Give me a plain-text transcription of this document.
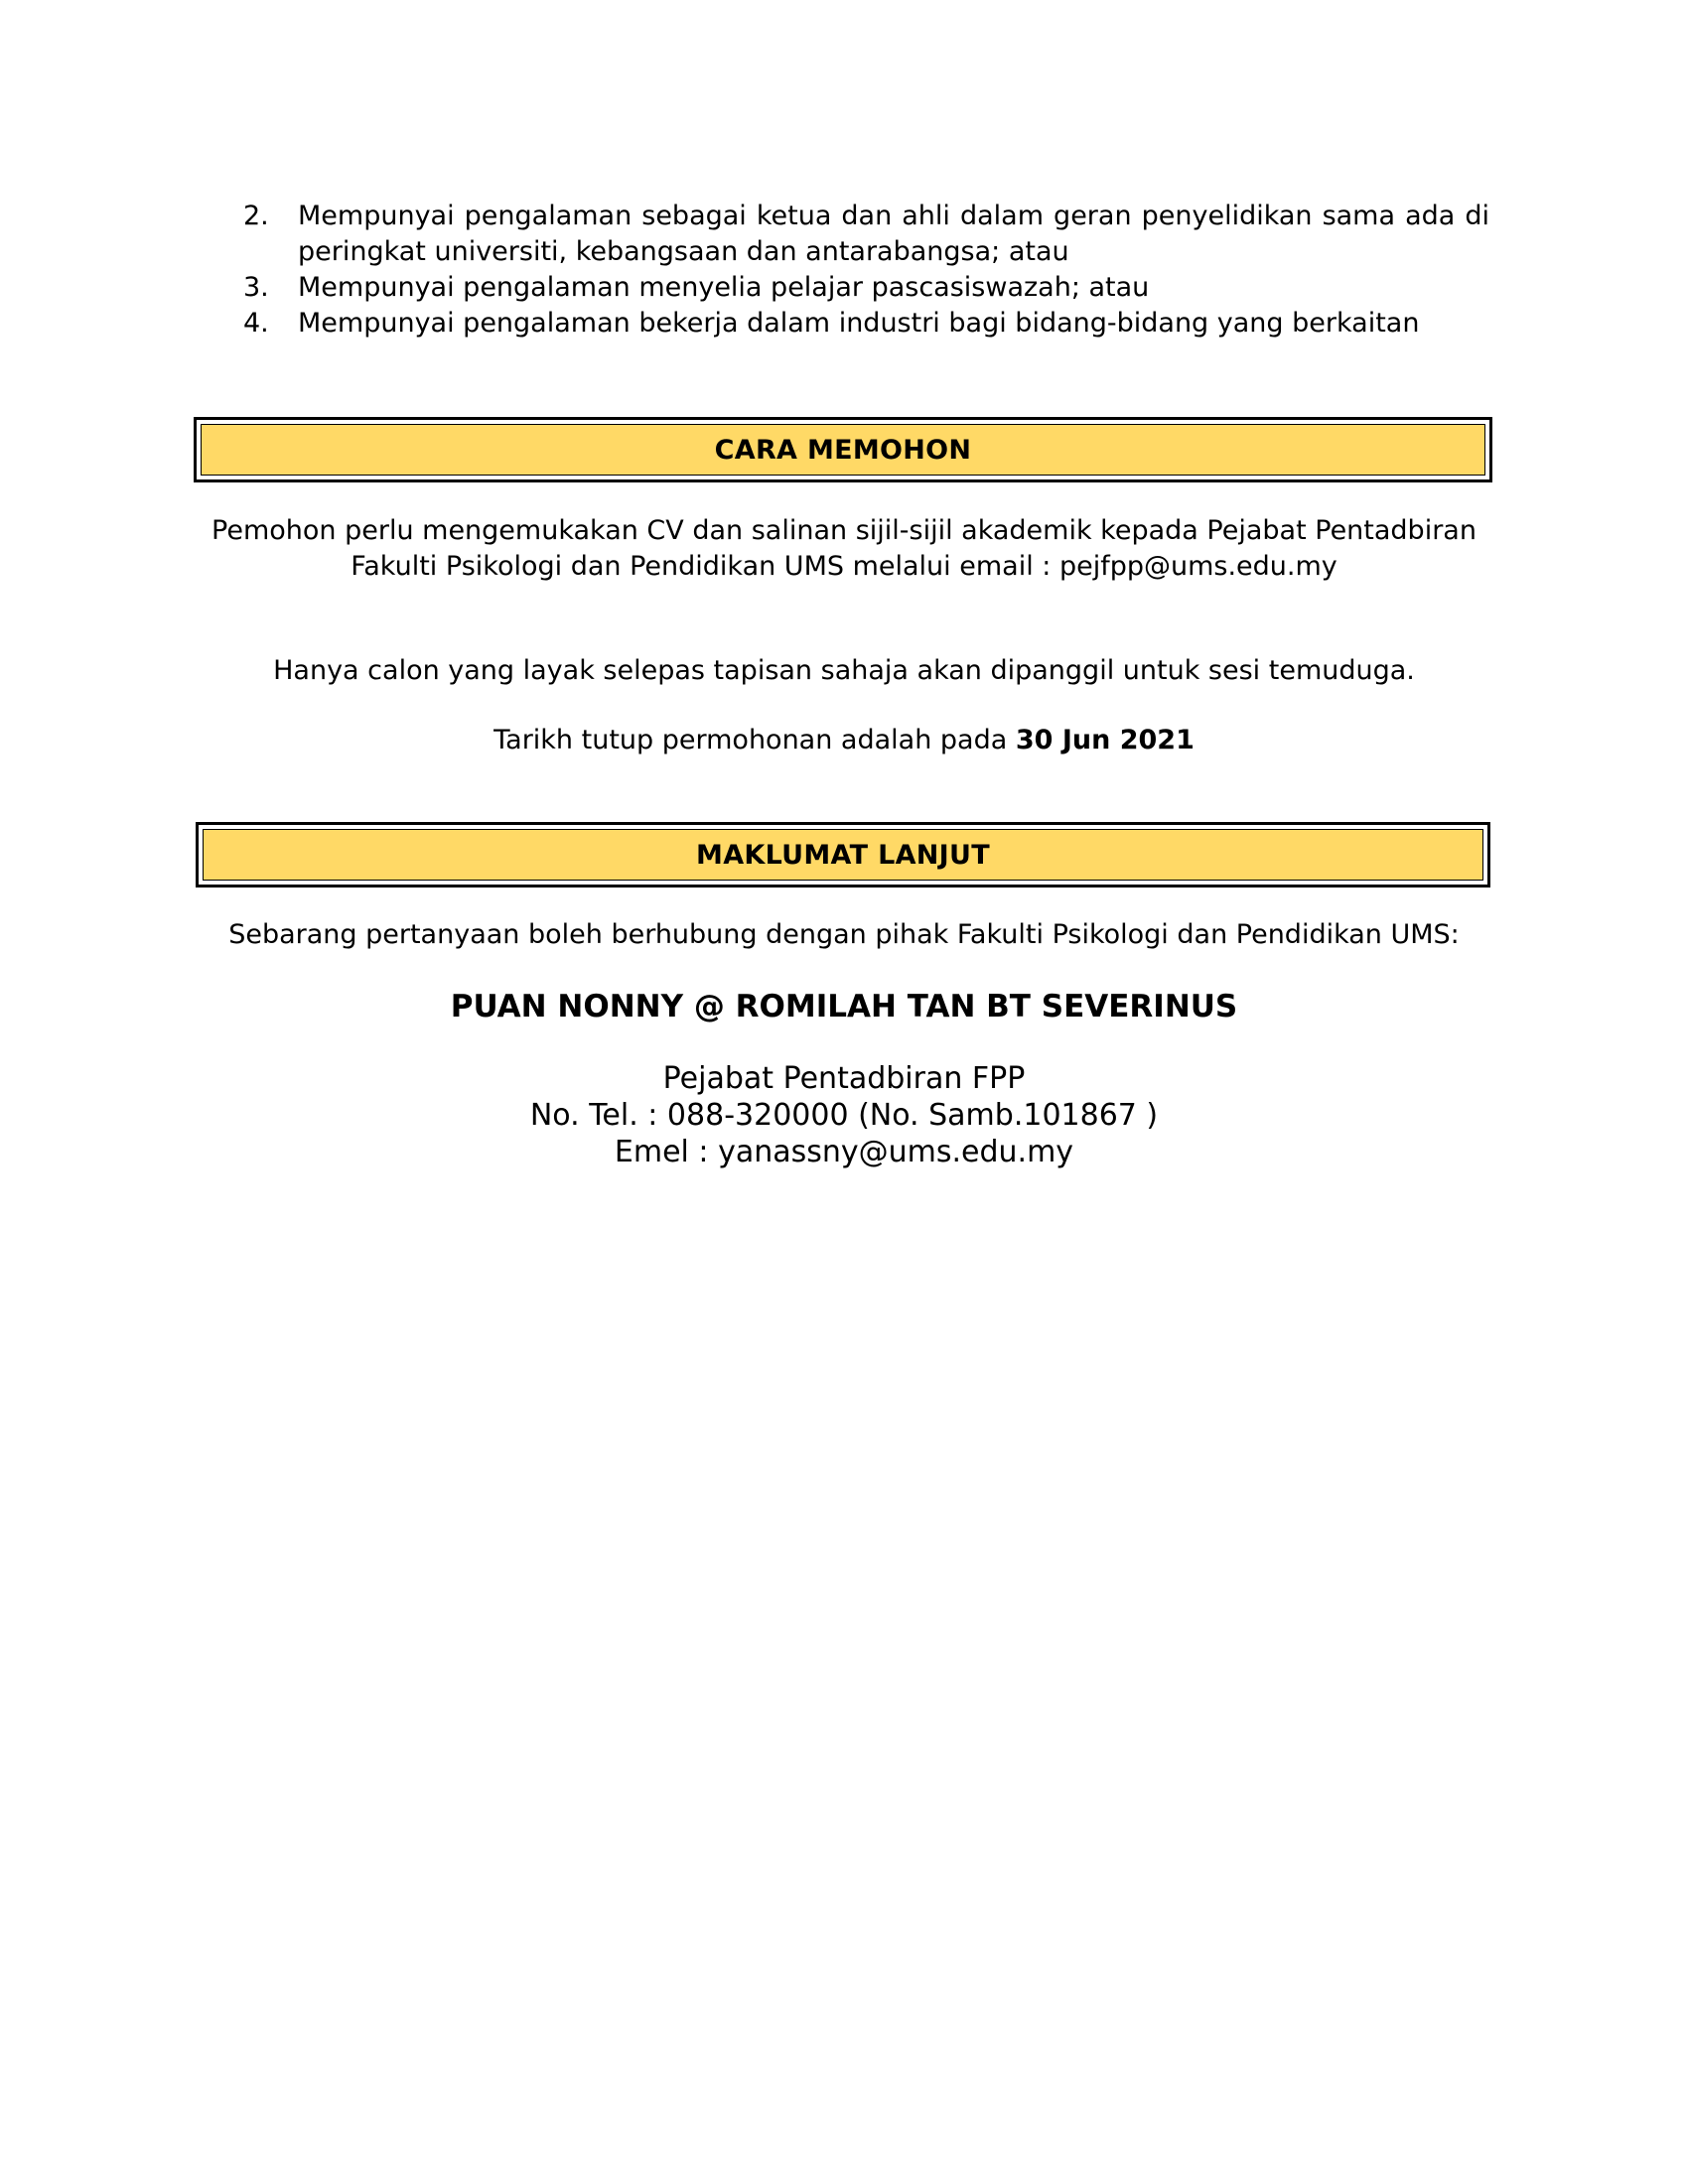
2.	Mempunyai pengalaman sebagai ketua dan ahli dalam geran penyelidikan sama ada di peringkat universiti, kebangsaan dan antarabangsa; atau
3.	Mempunyai pengalaman menyelia pelajar pascasiswazah; atau
4.	Mempunyai pengalaman bekerja dalam industri bagi bidang-bidang yang berkaitan
CARA MEMOHON

Pemohon perlu mengemukakan CV dan salinan sijil-sijil akademik kepada Pejabat Pentadbiran
Fakulti Psikologi dan Pendidikan UMS melalui email : pejfpp@ums.edu.my

Hanya calon yang layak selepas tapisan sahaja akan dipanggil untuk sesi temuduga.

Tarikh tutup permohonan adalah pada 30 Jun 2021

MAKLUMAT LANJUT

Sebarang pertanyaan boleh berhubung dengan pihak Fakulti Psikologi dan Pendidikan UMS:

PUAN NONNY @ ROMILAH TAN BT SEVERINUS

Pejabat Pentadbiran FPP
No. Tel. : 088-320000 (No. Samb.101867 )
Emel : yanassny@ums.edu.my
